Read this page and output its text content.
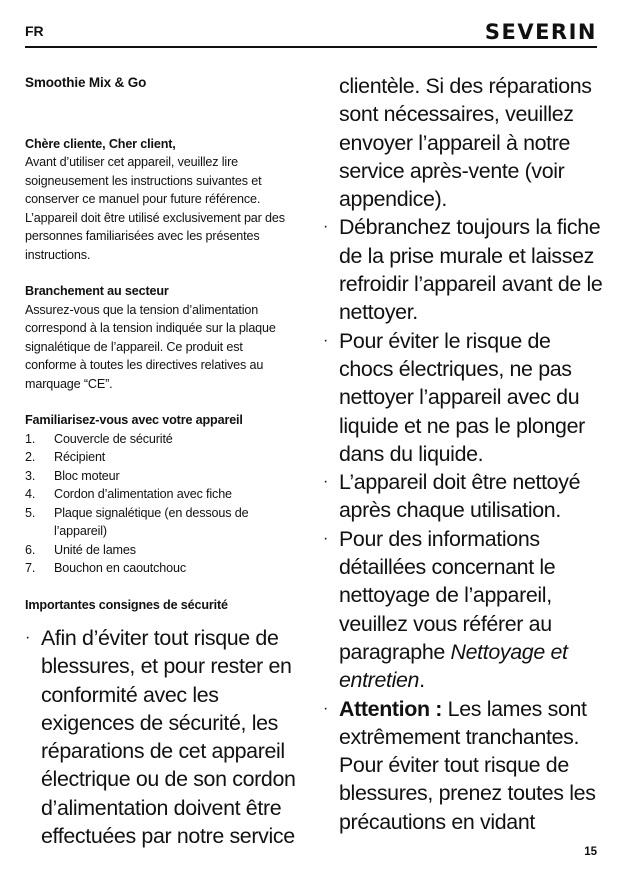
FR	SEVERIN
Smoothie Mix & Go
Chère cliente, Cher client,

Avant d’utiliser cet appareil, veuillez lire soigneusement les instructions suivantes et conserver ce manuel pour future référence. L’appareil doit être utilisé exclusivement par des personnes familiarisées avec les présentes instructions.

Branchement au secteur

Assurez-vous que la tension d’alimentation correspond à la tension indiquée sur la plaque signalétique de l’appareil. Ce produit est conforme à toutes les directives relatives au marquage “CE”.

Familiarisez-vous avec votre appareil
1.	Couvercle de sécurité
2.	Récipient
3.	Bloc moteur
4.	Cordon d’alimentation avec fiche
5.	Plaque signalétique (en dessous de l’appareil)
6.	Unité de lames
7.	Bouchon en caoutchouc
Importantes consignes de sécurité
· Afin d’éviter tout risque de blessures, et pour rester en conformité avec les exigences de sécurité, les réparations de cet appareil électrique ou de son cordon d’alimentation doivent être effectuées par notre service
clientèle. Si des réparations sont nécessaires, veuillez envoyer l’appareil à notre service après-vente (voir appendice).
· Débranchez toujours la fiche de la prise murale et laissez refroidir l’appareil avant de le nettoyer.
· Pour éviter le risque de chocs électriques, ne pas nettoyer l’appareil avec du liquide et ne pas le plonger dans du liquide.
· L’appareil doit être nettoyé après chaque utilisation.
· Pour des informations détaillées concernant le nettoyage de l’appareil, veuillez vous référer au paragraphe Nettoyage et entretien.
· Attention : Les lames sont extrêmement tranchantes. Pour éviter tout risque de blessures, prenez toutes les précautions en vidant
15
